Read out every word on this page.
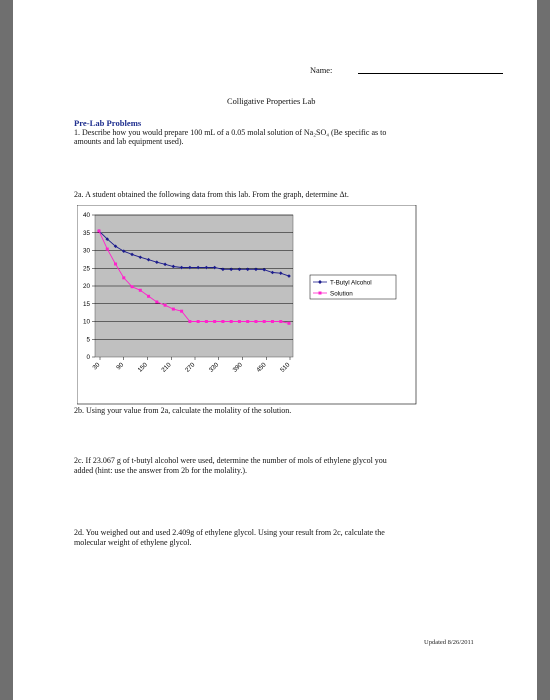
Name:
Colligative Properties Lab
Pre-Lab Problems
1. Describe how you would prepare 100 mL of a 0.05 molal solution of Na₂SO₄ (Be specific as to
amounts and lab equipment used).
2a. A student obtained the following data from this lab. From the graph, determine Δt.
0
5
10
15
20
25
30
35
40
30 90 150 210 270 330 390 450 510
T-Butyl Alcohol
Solution
2b. Using your value from 2a, calculate the molality of the solution.
2c. If 23.067 g of t-butyl alcohol were used, determine the number of mols of ethylene glycol you
added (hint: use the answer from 2b for the molality.).
2d. You weighed out and used 2.409g of ethylene glycol. Using your result from 2c, calculate the
molecular weight of ethylene glycol.
Updated 8/26/2011
